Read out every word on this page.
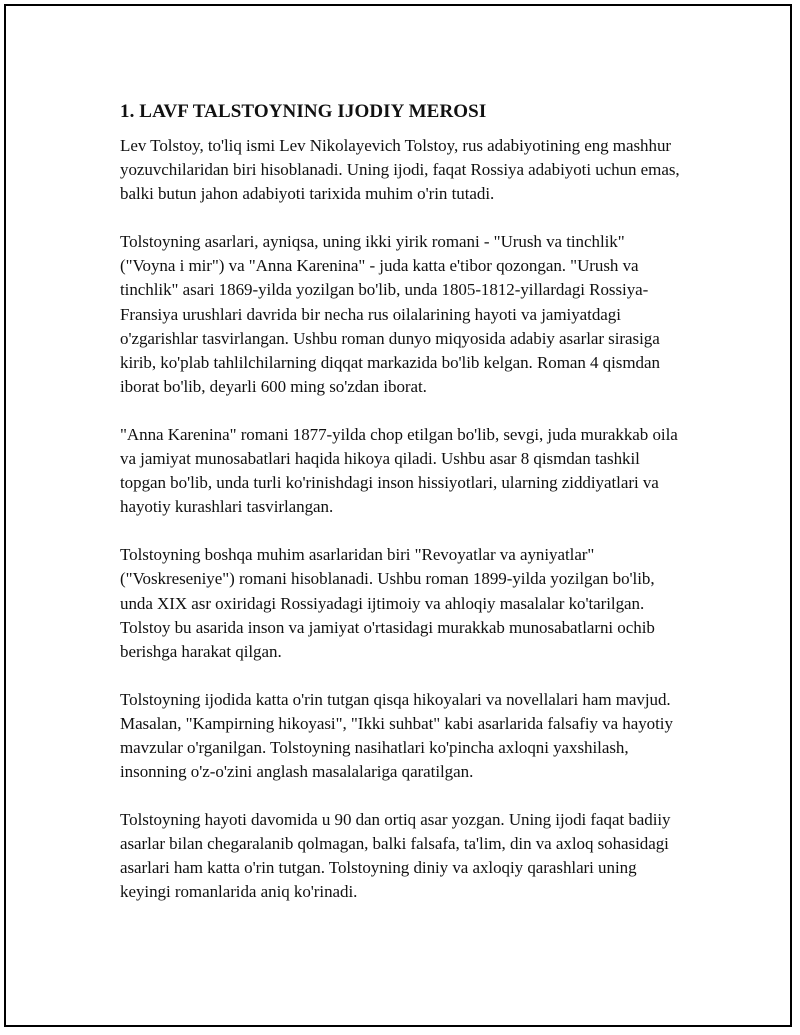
1. LAVF TALSTOYNING IJODIY MEROSI

Lev Tolstoy, to'liq ismi Lev Nikolayevich Tolstoy, rus adabiyotining eng mashhur yozuvchilaridan biri hisoblanadi. Uning ijodi, faqat Rossiya adabiyoti uchun emas, balki butun jahon adabiyoti tarixida muhim o'rin tutadi.

Tolstoyning asarlari, ayniqsa, uning ikki yirik romani - "Urush va tinchlik" ("Voyna i mir") va "Anna Karenina" - juda katta e'tibor qozongan. "Urush va tinchlik" asari 1869-yilda yozilgan bo'lib, unda 1805-1812-yillardagi Rossiya-Fransiya urushlari davrida bir necha rus oilalarining hayoti va jamiyatdagi o'zgarishlar tasvirlangan. Ushbu roman dunyo miqyosida adabiy asarlar sirasiga kirib, ko'plab tahlilchilarning diqqat markazida bo'lib kelgan. Roman 4 qismdan iborat bo'lib, deyarli 600 ming so'zdan iborat.

"Anna Karenina" romani 1877-yilda chop etilgan bo'lib, sevgi, juda murakkab oila va jamiyat munosabatlari haqida hikoya qiladi. Ushbu asar 8 qismdan tashkil topgan bo'lib, unda turli ko'rinishdagi inson hissiyotlari, ularning ziddiyatlari va hayotiy kurashlari tasvirlangan.

Tolstoyning boshqa muhim asarlaridan biri "Revoyatlar va ayniyatlar" ("Voskreseniye") romani hisoblanadi. Ushbu roman 1899-yilda yozilgan bo'lib, unda XIX asr oxiridagi Rossiyadagi ijtimoiy va ahloqiy masalalar ko'tarilgan. Tolstoy bu asarida inson va jamiyat o'rtasidagi murakkab munosabatlarni ochib berishga harakat qilgan.

Tolstoyning ijodida katta o'rin tutgan qisqa hikoyalari va novellalari ham mavjud. Masalan, "Kampirning hikoyasi", "Ikki suhbat" kabi asarlarida falsafiy va hayotiy mavzular o'rganilgan. Tolstoyning nasihatlari ko'pincha axloqni yaxshilash, insonning o'z-o'zini anglash masalalariga qaratilgan.

Tolstoyning hayoti davomida u 90 dan ortiq asar yozgan. Uning ijodi faqat badiiy asarlar bilan chegaralanib qolmagan, balki falsafa, ta'lim, din va axloq sohasidagi asarlari ham katta o'rin tutgan. Tolstoyning diniy va axloqiy qarashlari uning keyingi romanlarida aniq ko'rinadi.
